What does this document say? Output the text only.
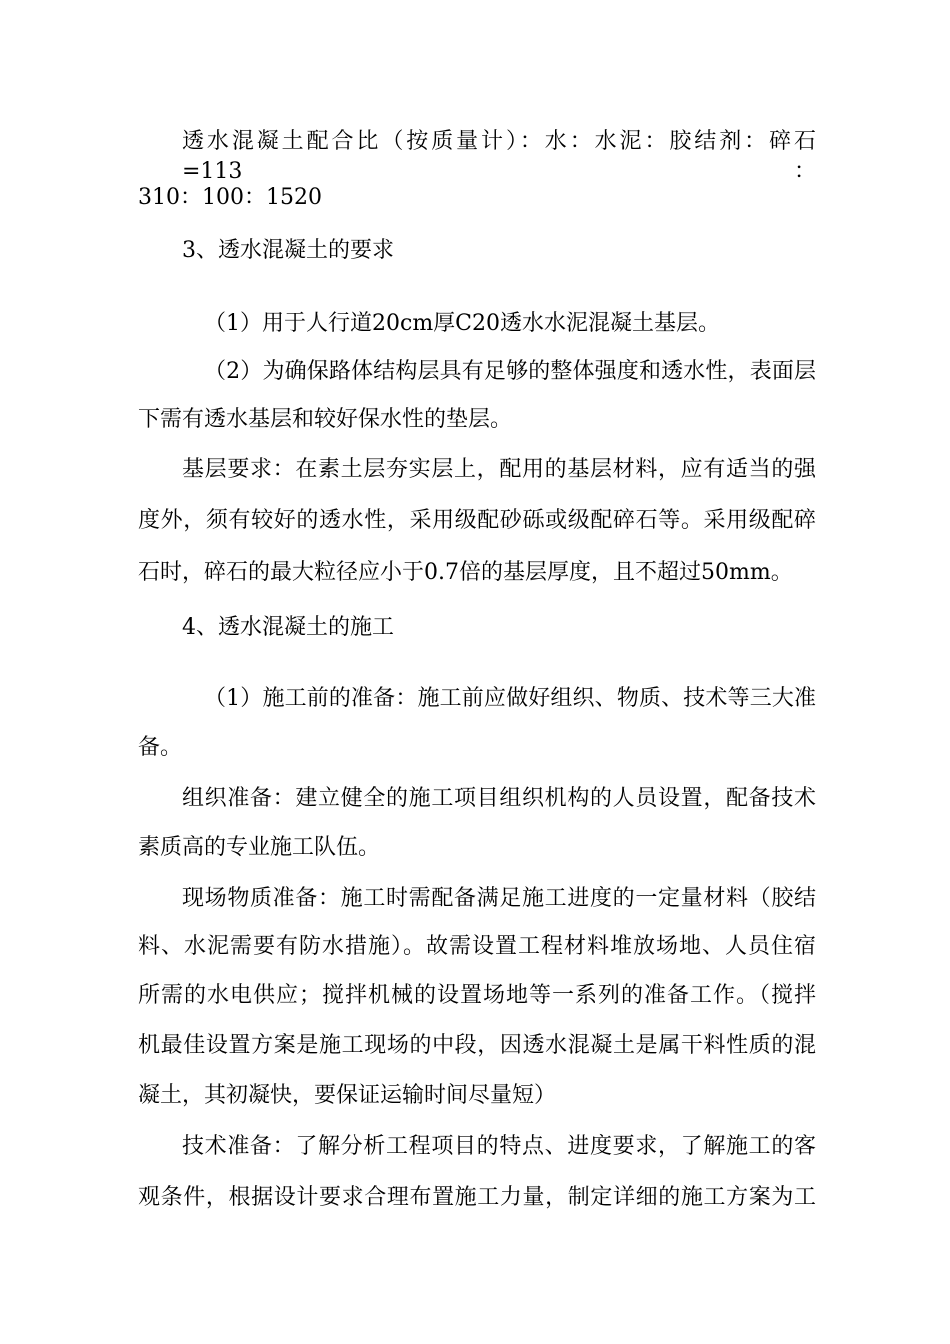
透水混凝土配合比（按质量计）：水：水泥：胶结剂：碎石=113：
310：100：1520
3、透水混凝土的要求
（1）用于人行道20cm厚C20透水水泥混凝土基层。
（2）为确保路体结构层具有足够的整体强度和透水性，表面层
下需有透水基层和较好保水性的垫层。
基层要求：在素土层夯实层上，配用的基层材料，应有适当的强
度外，须有较好的透水性，采用级配砂砾或级配碎石等。采用级配碎
石时，碎石的最大粒径应小于0.7倍的基层厚度，且不超过50mm。
4、透水混凝土的施工
（1）施工前的准备：施工前应做好组织、物质、技术等三大准
备。
组织准备：建立健全的施工项目组织机构的人员设置，配备技术
素质高的专业施工队伍。
现场物质准备：施工时需配备满足施工进度的一定量材料（胶结
料、水泥需要有防水措施）。故需设置工程材料堆放场地、人员住宿
所需的水电供应；搅拌机械的设置场地等一系列的准备工作。（搅拌
机最佳设置方案是施工现场的中段，因透水混凝土是属干料性质的混
凝土，其初凝快，要保证运输时间尽量短）
技术准备：了解分析工程项目的特点、进度要求，了解施工的客
观条件，根据设计要求合理布置施工力量，制定详细的施工方案为工
